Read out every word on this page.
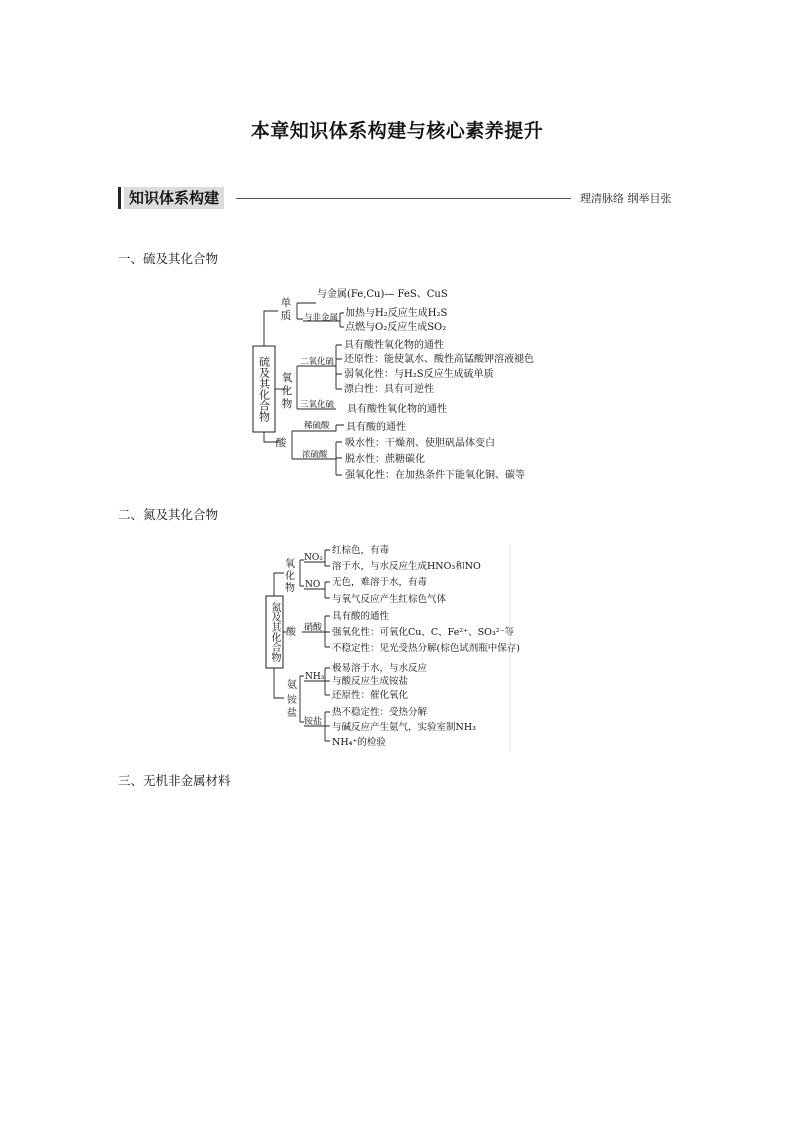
本章知识体系构建与核心素养提升
知识体系构建	理清脉络 纲举目张
一、硫及其化合物
二、氮及其化合物
三、无机非金属材料
硫及其化合物
单
质
与金属(Fe,Cu)— FeS、CuS
与非金属 加热与H₂反应生成H₂S
点燃与O₂反应生成SO₂
氧
化
物
二氧化硫
三氧化硫
具有酸性氧化物的通性
还原性：能使氯水、酸性高锰酸钾溶液褪色
弱氧化性：与H₂S反应生成硫单质
漂白性：具有可逆性
具有酸性氧化物的通性
酸
稀硫酸
浓硫酸
具有酸的通性
吸水性：干燥剂、使胆矾晶体变白
脱水性：蔗糖碳化
强氧化性：在加热条件下能氧化铜、碳等
氮及其化合物
氧
化
物
NO₂
红棕色，有毒
溶于水，与水反应生成HNO₃和NO
NO 无色，难溶于水，有毒
与氧气反应产生红棕色气体
酸 硝酸
具有酸的通性
强氧化性：可氧化Cu、C、Fe²⁺、SO₃²⁻等
不稳定性：见光受热分解(棕色试剂瓶中保存)
氨
铵
盐
NH₃
极易溶于水，与水反应
与酸反应生成铵盐
还原性：催化氧化
铵盐
热不稳定性：受热分解
与碱反应产生氨气，实验室制NH₃
NH₄⁺的检验
